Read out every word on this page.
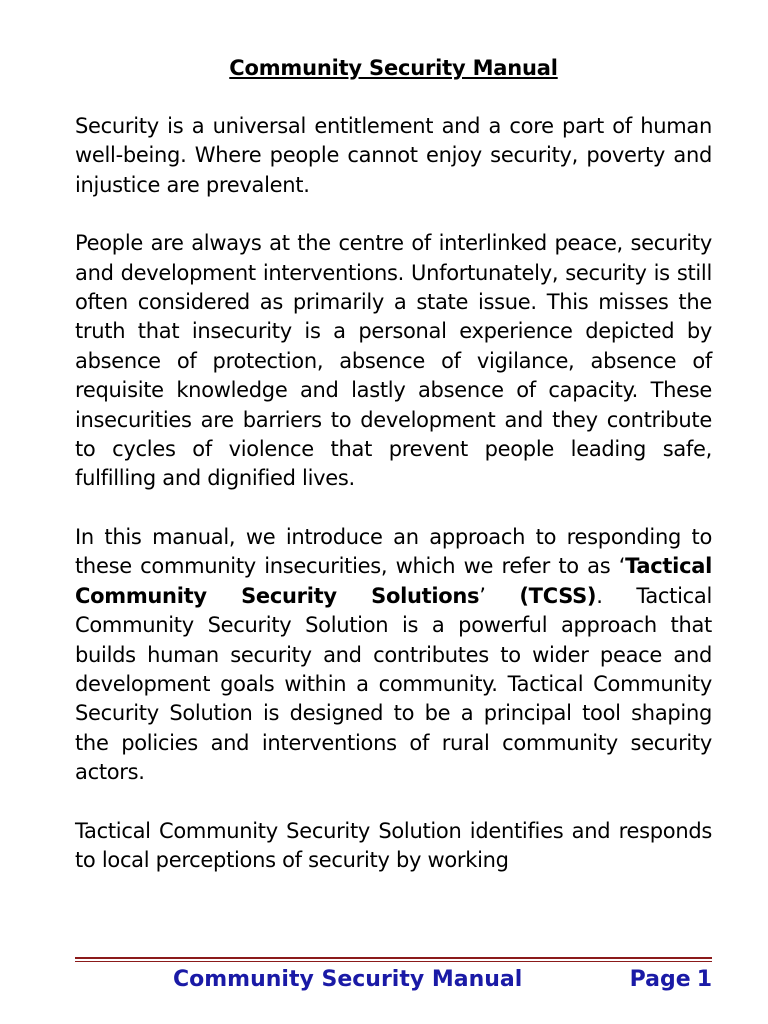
Community Security Manual
Security is a universal entitlement and a core part of human well-being. Where people cannot enjoy security, poverty and injustice are prevalent.
People are always at the centre of interlinked peace, security and development interventions. Unfortunately, security is still often considered as primarily a state issue. This misses the truth that insecurity is a personal experience depicted by absence of protection, absence of vigilance, absence of requisite knowledge and lastly absence of capacity. These insecurities are barriers to development and they contribute to cycles of violence that prevent people leading safe, fulfilling and dignified lives.
In this manual, we introduce an approach to responding to these community insecurities, which we refer to as ‘Tactical Community Security Solutions’ (TCSS). Tactical Community Security Solution is a powerful approach that builds human security and contributes to wider peace and development goals within a community. Tactical Community Security Solution is designed to be a principal tool shaping the policies and interventions of rural community security actors.
Tactical Community Security Solution identifies and responds to local perceptions of security by working
Community Security Manual	Page 1
